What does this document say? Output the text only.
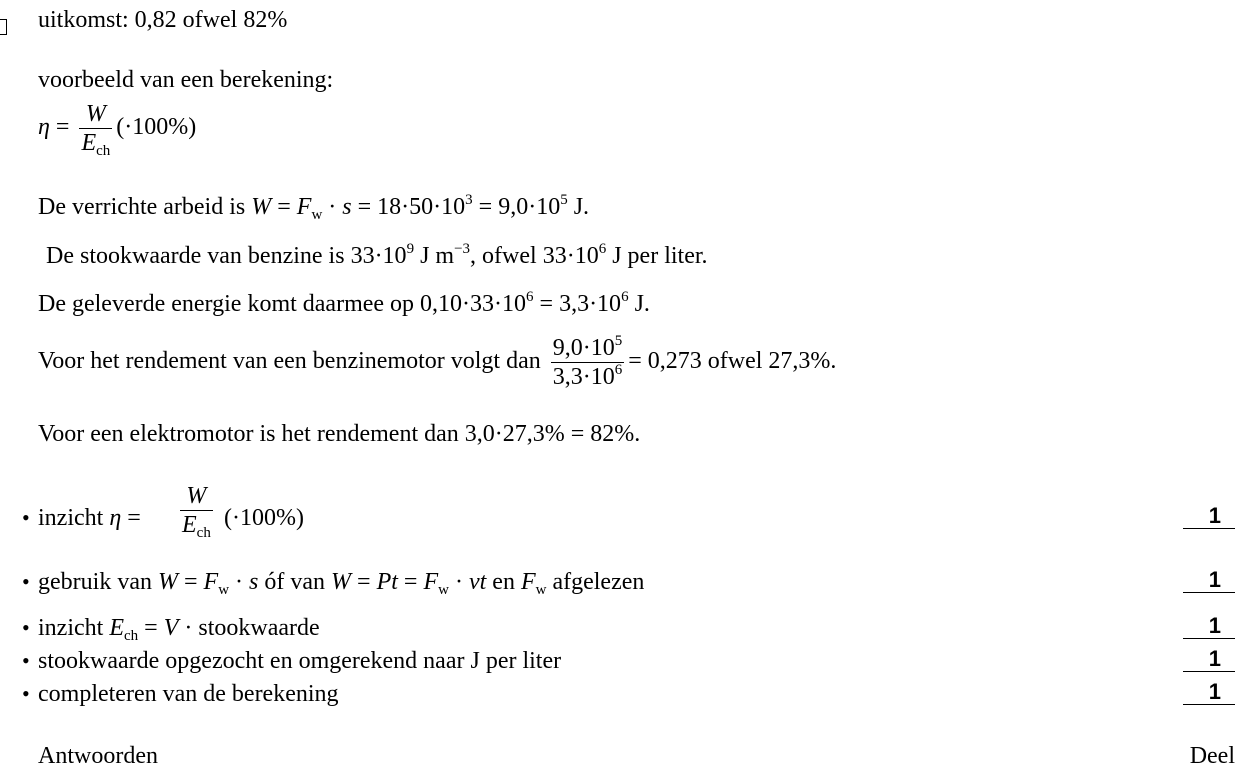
uitkomst: 0,82 ofwel 82%
voorbeeld van een berekening:
$\eta = \frac{W}{E_{ch}} (\cdot 100\%)$
De verrichte arbeid is $W = F_w \cdot s = 18\cdot 50\cdot 10^3 = 9,0\cdot 10^5$ J.
De stookwaarde van benzine is $33\cdot 10^9$ J $m^{-3}$, ofwel $33\cdot 10^6$ J per liter.
De geleverde energie komt daarmee op $0,10\cdot 33\cdot 10^6 = 3,3\cdot 10^6$ J.
Voor het rendement van een benzinemotor volgt dan $\frac{9,0\cdot 10^5}{3,3\cdot 10^6} = 0,273$ ofwel 27,3%.
Voor een elektromotor is het rendement dan 3,0·27,3% = 82%.
• inzicht η =
W
$E_{ch}$
(·100%)	1
• gebruik van $W = F_w \cdot s$ óf van $W = Pt = F_w$ · vt en $F_w$ afgelezen	1
• inzicht $E_{ch} = V$ · stookwaarde	1
• stookwaarde opgezocht en omgerekend naar J per liter	1
• completeren van de berekening	1
Antwoorden	Deel
